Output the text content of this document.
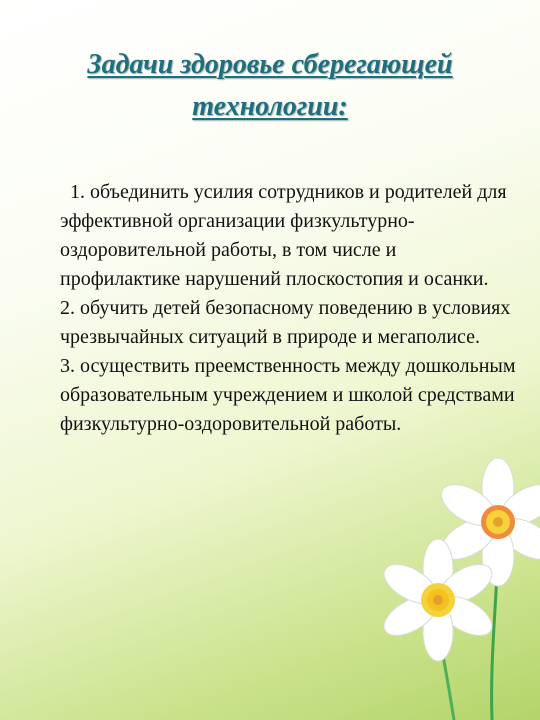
Задачи здоровье сберегающей технологии:

1. объединить усилия сотрудников и родителей для эффективной организации физкультурно-оздоровительной работы, в том числе и профилактике нарушений плоскостопия и осанки.

2. обучить детей безопасному поведению в условиях чрезвычайных ситуаций в природе и мегаполисе.

3. осуществить преемственность между дошкольным образовательным учреждением и школой средствами физкультурно-оздоровительной работы.
